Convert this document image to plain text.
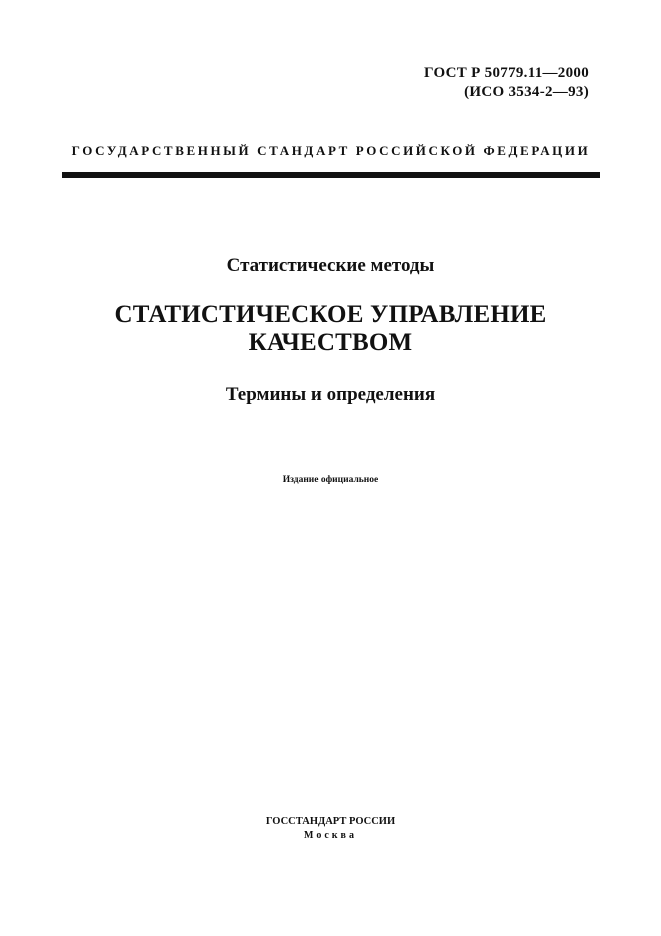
ГОСТ Р 50779.11—2000
(ИСО 3534-2—93)
ГОСУДАРСТВЕННЫЙ СТАНДАРТ РОССИЙСКОЙ ФЕДЕРАЦИИ
Статистические методы
СТАТИСТИЧЕСКОЕ УПРАВЛЕНИЕ
КАЧЕСТВОМ
Термины и определения
Издание официальное
ГОССТАНДАРТ РОССИИ
Москва
